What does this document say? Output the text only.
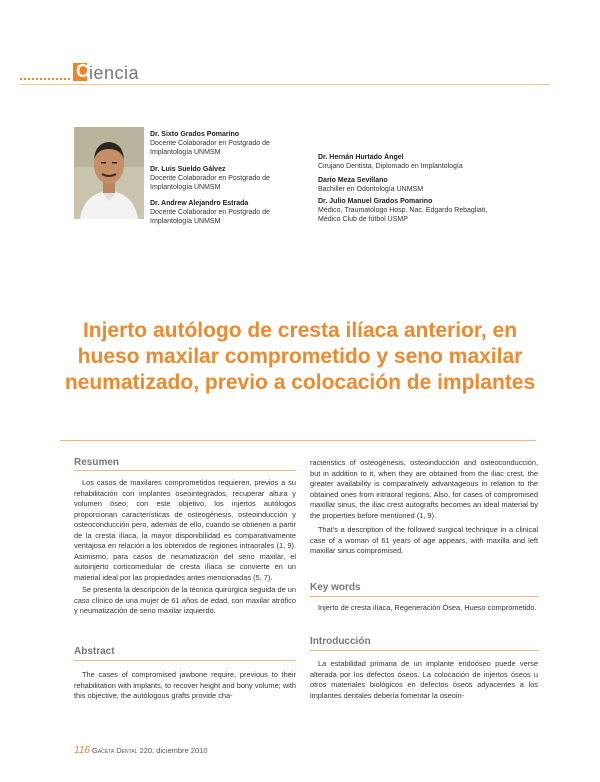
C iencia
Dr. Sixto Grados Pomarino
Docente Colaborador en Postgrado de Implantología UNMSM
Dr. Luis Sueldo Gálvez
Docente Colaborador en Postgrado de Implantología UNMSM
Dr. Andrew Alejandro Estrada
Docente Colaborador en Postgrado de Implantología UNMSM
Dr. Hernán Hurtado Ángel
Cirujano Dentista, Diplomado en Implantología
Darío Meza Sevillano
Bachiller en Odontología UNMSM
Dr. Julio Manuel Grados Pomarino
Médico, Traumatólogo Hosp. Nac. Edgardo Rebagliati, Médico Club de fútbol USMP
Injerto autólogo de cresta ilíaca anterior, en hueso maxilar comprometido y seno maxilar neumatizado, previo a colocación de implantes
Resumen

Los casos de maxilares comprometidos requieren, previos a su rehabilitación con implantes oseointegrados, recuperar altura y volumen óseo; con este objetivo, los injertos autólogos proporcionan características de osteogénesis, osteoinducción y osteoconducción pero, además de ello, cuando se obtienen a partir de la cresta ilíaca, la mayor disponibilidad es comparativamente ventajosa en relación a los obtenidos de regiones intraorales (1, 9). Asimismo, para casos de neumatización del seno maxilar, el autoinjerto corticomedular de cresta ilíaca se convierte en un material ideal por las propiedades antes mencionadas (5, 7).

Se presenta la descripción de la técnica quirúrgica seguida de un caso clínico de una mujer de 61 años de edad, con maxilar atrófico y neumatización de seno maxilar izquierdo.

Abstract

The cases of compromised jawbone require, previous to their rehabilitation with implants, to recover height and bony volume; with this objective, the autólogous grafts provide cha-

racteristics of osteogénesis, osteoinducción and osteoconducción, but in addition to it, when they are obtained from the iliac crest, the greater availability is comparatively advantageous in relation to the obtained ones from intraoral regions. Also, for cases of compromised maxillar sinus, the iliac crest autografts becomes an ideal material by the properties before mentioned (1, 9).

That's a description of the followed surgical technique in a clinical case of a woman of 61 years of age appears, with maxilla and left maxillar sinus compromised.

Key words

Injerto de cresta ilíaca, Regeneración Ósea, Hueso comprometido.

Introducción

La estabilidad primaria de un implante endoóseo puede verse alterada por los defectos óseos. La colocación de injertos óseos u otros materiales biológicos en defectos óseos adyacentes a los implantes dentales debería fomentar la oseoin-

116 Gaceta Dental 220, diciembre 2010
